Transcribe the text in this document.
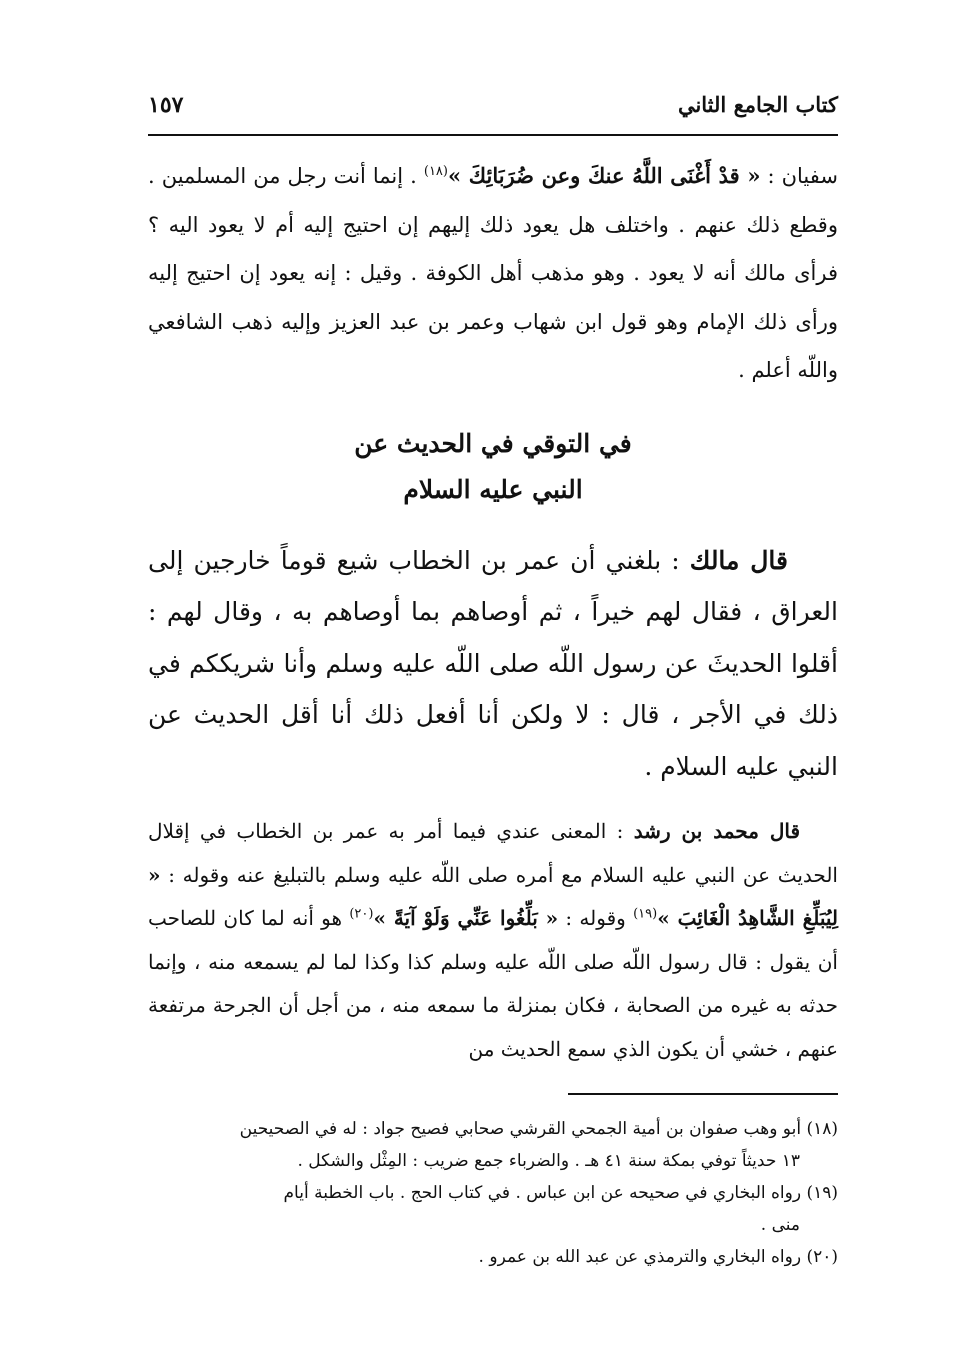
كتاب الجامع الثاني
١٥٧

سفيان : « قدْ أَغْنَى اللَّهُ عنكَ وعن ضُرَبَائِكَ »$^{(١٨)}$ . إنما أنت رجل من المسلمين . وقطع ذلك عنهم . واختلف هل يعود ذلك إليهم إن احتيج إليه أم لا يعود اليه ؟ فرأى مالك أنه لا يعود . وهو مذهب أهل الكوفة . وقيل : إنه يعود إن احتيج إليه ورأى ذلك الإمام وهو قول ابن شهاب وعمر بن عبد العزيز وإليه ذهب الشافعي واللّه أعلم .

في التوقي في الحديث عن
النبي عليه السلام

قال مالك : بلغني أن عمر بن الخطاب شيع قوماً خارجين إلى العراق ، فقال لهم خيراً ، ثم أوصاهم بما أوصاهم به ، وقال لهم : أقلوا الحديثَ عن رسول اللّه صلى اللّه عليه وسلم وأنا شريككم في ذلك في الأجر ، قال : لا ولكن أنا أفعل ذلك أنا أقل الحديث عن النبي عليه السلام .

قال محمد بن رشد : المعنى عندي فيما أمر به عمر بن الخطاب في إقلال الحديث عن النبي عليه السلام مع أمره صلى اللّه عليه وسلم بالتبليغ عنه وقوله : « لِيُبَلِّغِ الشَّاهِدُ الْغَائِبَ »$^{(١٩)}$ وقوله : « بَلِّغُوا عَنِّي وَلَوْ آيَةً »$^{(٢٠)}$ هو أنه لما كان للصاحب أن يقول : قال رسول اللّه صلى اللّه عليه وسلم كذا وكذا لما لم يسمعه منه ، وإنما حدثه به غيره من الصحابة ، فكان بمنزلة ما سمعه منه ، من أجل أن الجرحة مرتفعة عنهم ، خشي أن يكون الذي سمع الحديث من

(١٨) أبو وهب صفوان بن أمية الجمحي القرشي صحابي فصيح جواد : له في الصحيحين

١٣ حديثاً توفي بمكة سنة ٤١ هـ . والضرباء جمع ضريب : المِثْل والشكل .

(١٩) رواه البخاري في صحيحه عن ابن عباس . في كتاب الحج . باب الخطبة أيام

منى .

(٢٠) رواه البخاري والترمذي عن عبد الله بن عمرو .
